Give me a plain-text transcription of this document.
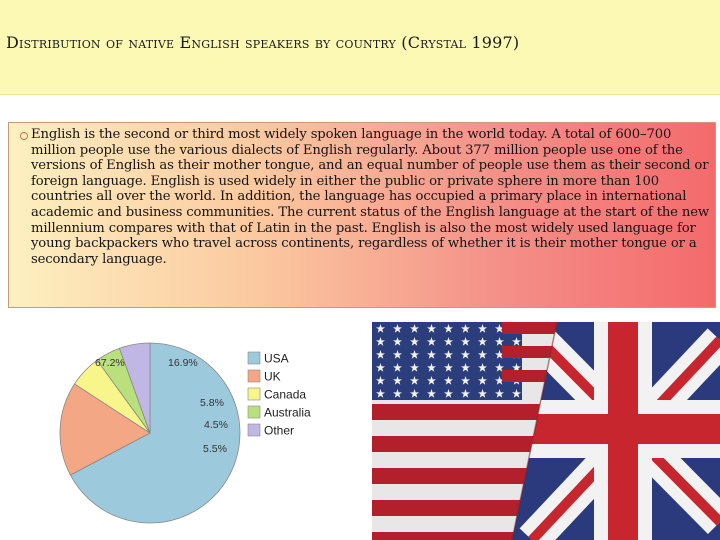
Distribution of native English speakers by country (Crystal 1997)

English is the second or third most widely spoken language in the world today. A total of 600–700 million people use the various dialects of English regularly. About 377 million people use one of the versions of English as their mother tongue, and an equal number of people use them as their second or foreign language. English is used widely in either the public or private sphere in more than 100 countries all over the world. In addition, the language has occupied a primary place in international academic and business communities. The current status of the English language at the start of the new millennium compares with that of Latin in the past. English is also the most widely used language for young backpackers who travel across continents, regardless of whether it is their mother tongue or a secondary language.

67.2%	16.9%
5.8%
4.5%
5.5%
USA
UK
Canada
Australia
Other
